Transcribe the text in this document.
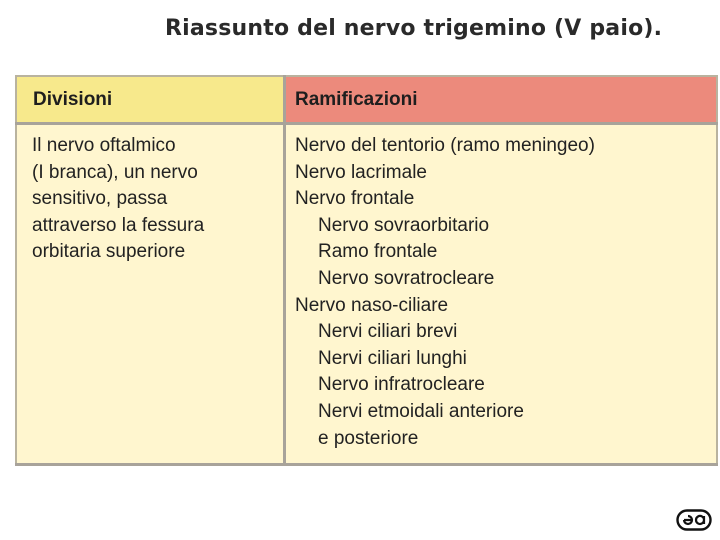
Riassunto del nervo trigemino (V paio).
Divisioni	Ramificazioni
Il nervo oftalmico
(I branca), un nervo
sensitivo, passa
attraverso la fessura
orbitaria superiore
Nervo del tentorio (ramo meningeo)
Nervo lacrimale
Nervo frontale
Nervo sovraorbitario
Ramo frontale
Nervo sovratrocleare
Nervo naso-ciliare
Nervi ciliari brevi
Nervi ciliari lunghi
Nervo infratrocleare
Nervi etmoidali anteriore
e posteriore
